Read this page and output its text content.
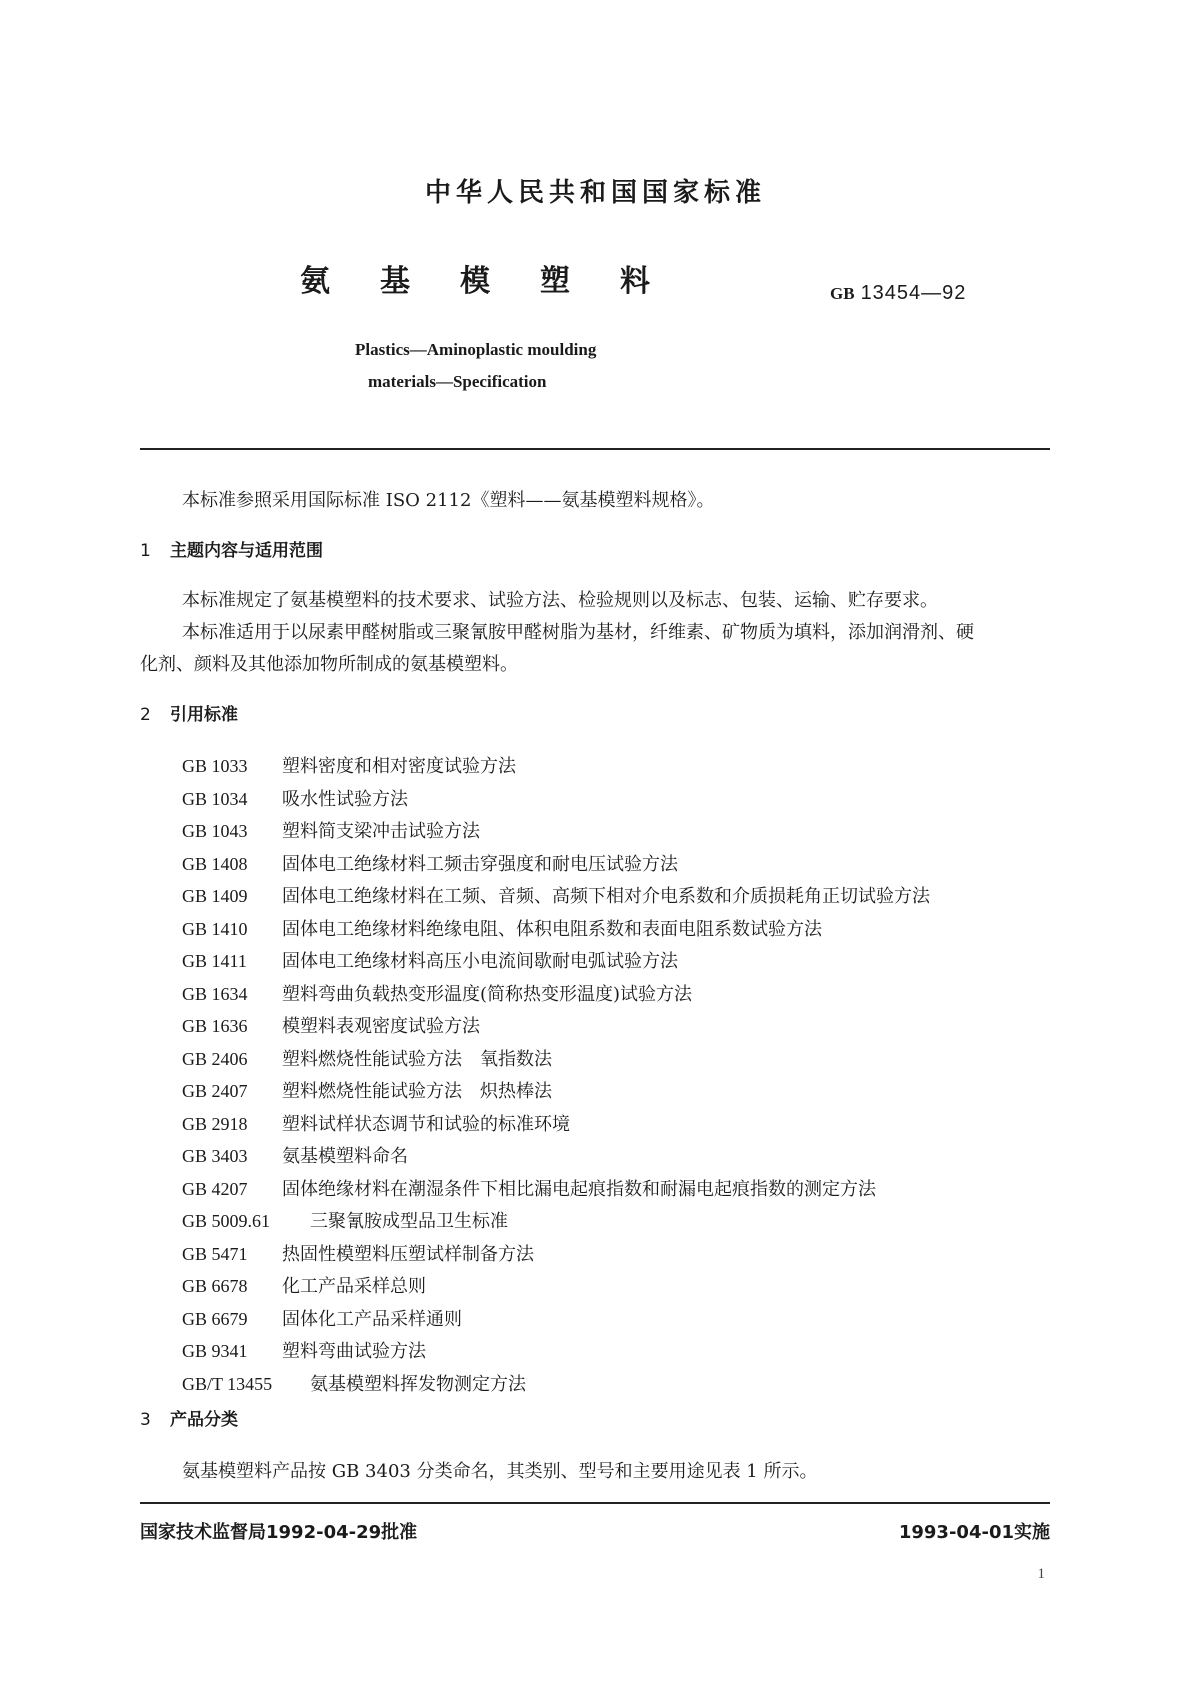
中华人民共和国国家标准
氨 基 模 塑 料	GB 13454—92
Plastics—Aminoplastic moulding
materials—Specification
本标准参照采用国际标准 ISO 2112《塑料——氨基模塑料规格》。
1 主题内容与适用范围
本标准规定了氨基模塑料的技术要求、试验方法、检验规则以及标志、包装、运输、贮存要求。
本标准适用于以尿素甲醛树脂或三聚氰胺甲醛树脂为基材，纤维素、矿物质为填料，添加润滑剂、硬
化剂、颜料及其他添加物所制成的氨基模塑料。
2 引用标准
GB 1033 塑料密度和相对密度试验方法
GB 1034 吸水性试验方法
GB 1043 塑料简支梁冲击试验方法
GB 1408 固体电工绝缘材料工频击穿强度和耐电压试验方法
GB 1409 固体电工绝缘材料在工频、音频、高频下相对介电系数和介质损耗角正切试验方法
GB 1410 固体电工绝缘材料绝缘电阻、体积电阻系数和表面电阻系数试验方法
GB 1411 固体电工绝缘材料高压小电流间歇耐电弧试验方法
GB 1634 塑料弯曲负载热变形温度(简称热变形温度)试验方法
GB 1636 模塑料表观密度试验方法
GB 2406 塑料燃烧性能试验方法　氧指数法
GB 2407 塑料燃烧性能试验方法　炽热棒法
GB 2918 塑料试样状态调节和试验的标准环境
GB 3403 氨基模塑料命名
GB 4207 固体绝缘材料在潮湿条件下相比漏电起痕指数和耐漏电起痕指数的测定方法
GB 5009.61 三聚氰胺成型品卫生标准
GB 5471 热固性模塑料压塑试样制备方法
GB 6678 化工产品采样总则
GB 6679 固体化工产品采样通则
GB 9341 塑料弯曲试验方法
GB/T 13455 氨基模塑料挥发物测定方法
3 产品分类
氨基模塑料产品按 GB 3403 分类命名，其类别、型号和主要用途见表 1 所示。
国家技术监督局1992-04-29批准	1993-04-01实施
1
